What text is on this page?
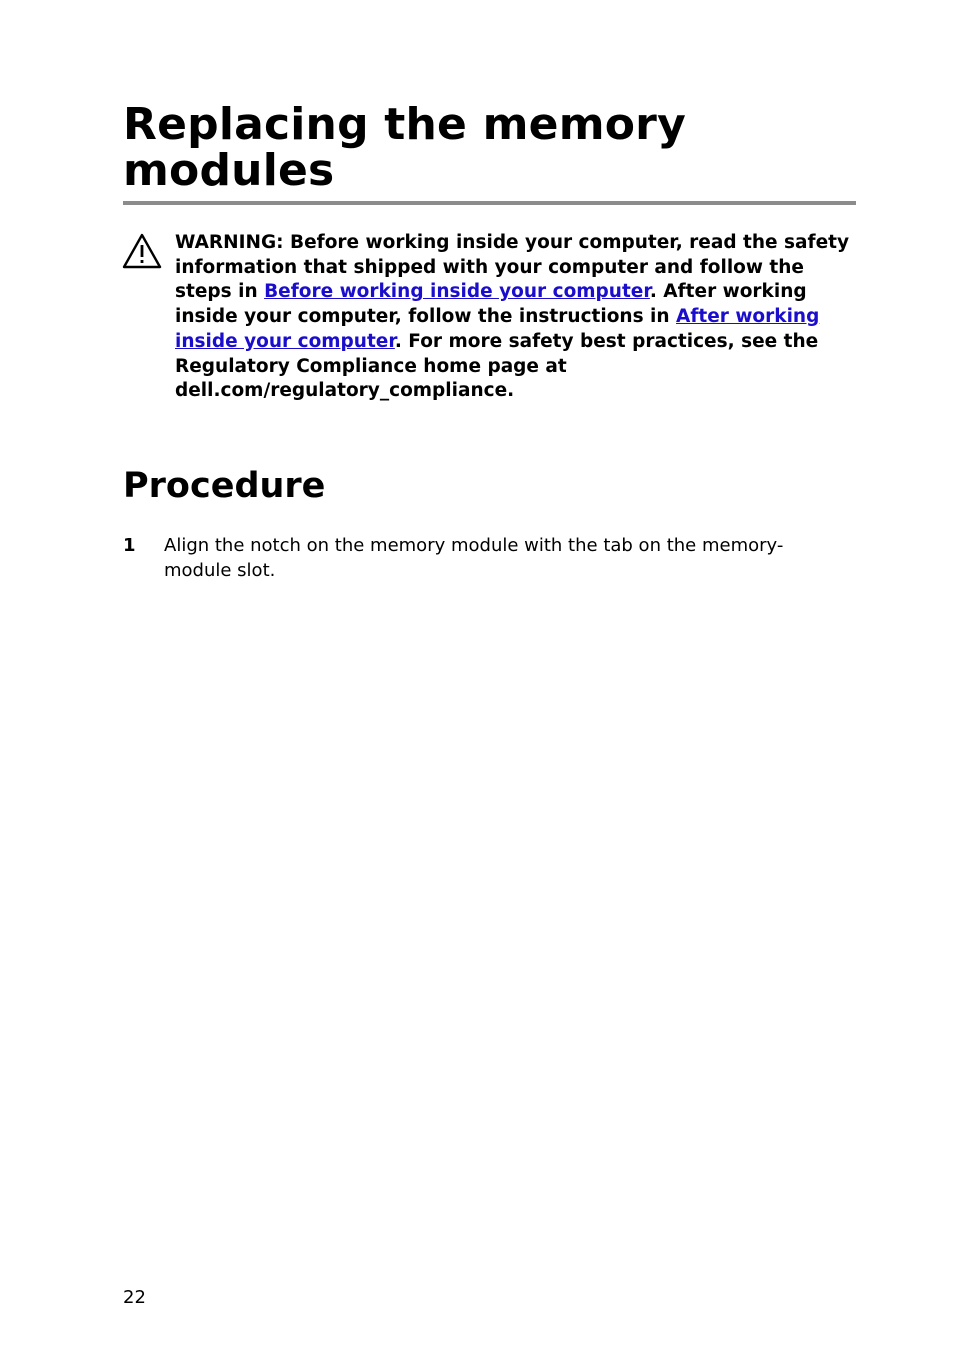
Replacing the memory
modules

WARNING: Before working inside your computer, read the safety information that shipped with your computer and follow the steps in Before working inside your computer. After working inside your computer, follow the instructions in After working inside your computer. For more safety best practices, see the Regulatory Compliance home page at dell.com/regulatory_compliance.

Procedure
1 Align the notch on the memory module with the tab on the memory-module slot.

22
